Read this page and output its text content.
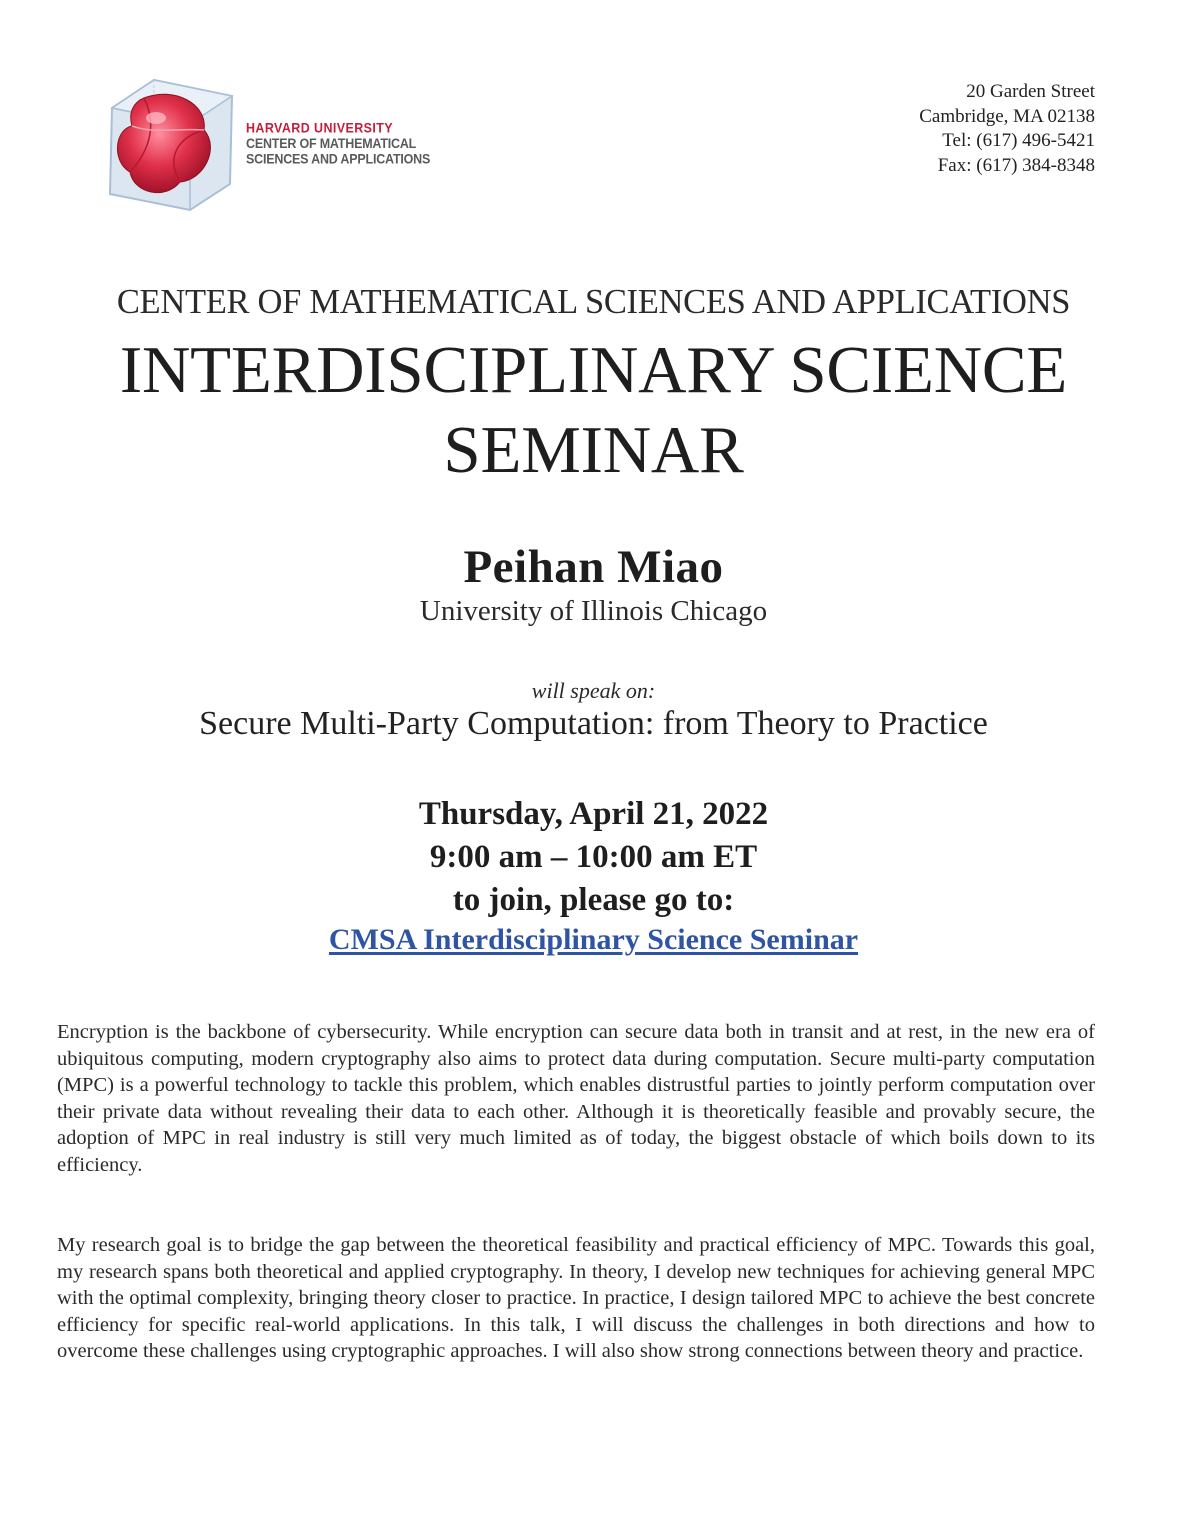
HARVARD UNIVERSITY
CENTER OF MATHEMATICAL
SCIENCES AND APPLICATIONS
20 Garden Street
Cambridge, MA 02138
Tel: (617) 496-5421
Fax: (617) 384-8348
CENTER OF MATHEMATICAL SCIENCES AND APPLICATIONS
INTERDISCIPLINARY SCIENCE
SEMINAR
Peihan Miao
University of Illinois Chicago
will speak on:
Secure Multi-Party Computation: from Theory to Practice
Thursday, April 21, 2022
9:00 am – 10:00 am ET
to join, please go to:
CMSA Interdisciplinary Science Seminar

Encryption is the backbone of cybersecurity. While encryption can secure data both in transit and at rest, in the new era of ubiquitous computing, modern cryptography also aims to protect data during computation. Secure multi-party computation (MPC) is a powerful technology to tackle this problem, which enables distrustful parties to jointly perform computation over their private data without revealing their data to each other. Although it is theoretically feasible and provably secure, the adoption of MPC in real industry is still very much limited as of today, the biggest obstacle of which boils down to its efficiency.

My research goal is to bridge the gap between the theoretical feasibility and practical efficiency of MPC. Towards this goal, my research spans both theoretical and applied cryptography. In theory, I develop new techniques for achieving general MPC with the optimal complexity, bringing theory closer to practice. In practice, I design tailored MPC to achieve the best concrete efficiency for specific real-world applications. In this talk, I will discuss the challenges in both directions and how to overcome these challenges using cryptographic approaches. I will also show strong connections between theory and practice.
